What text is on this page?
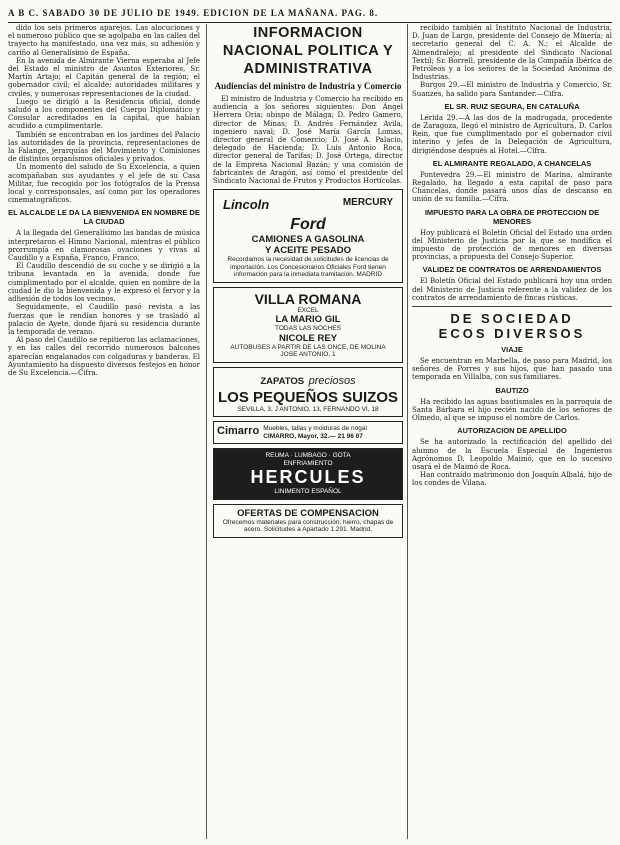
A B C. SABADO 30 DE JULIO DE 1949. EDICION DE LA MAÑANA. PAG. 8.

dido los seis primeros aparejos. Las alocuciones y el numeroso público que se agolpaba en las calles del trayecto ha manifestado, una vez más, su adhesión y cariño al Generalísimo de España.

En la avenida de Almirante Vierna esperaba al Jefe del Estado el ministro de Asuntos Exteriores, Sr. Martín Artajo; el Capitán general de la región; el gobernador civil; el alcalde; autoridades militares y civiles, y numerosas representaciones de la ciudad.

Luego se dirigió a la Residencia oficial, donde saludó a los componentes del Cuerpo Diplomático y Consular acreditados en la capital, que habían acudido a cumplimentarle.

También se encontraban en los jardines del Palacio las autoridades de la provincia, representaciones de la Falange, jerarquías del Movimiento y Comisiones de distintos organismos oficiales y privados.

Un momento del saludo de Su Excelencia, a quien acompañaban sus ayudantes y el jefe de su Casa Militar, fue recogido por los fotógrafos de la Prensa local y corresponsales, así como por los operadores cinematográficos.

EL ALCALDE LE DA LA BIENVENIDA EN NOMBRE DE LA CIUDAD

A la llegada del Generalísimo las bandas de música interpretaron el Himno Nacional, mientras el público prorrumpía en clamorosas ovaciones y vivas al Caudillo y a España, Franco, Franco.

El Caudillo descendió de su coche y se dirigió a la tribuna levantada en la avenida, donde fue cumplimentado por el alcalde, quien en nombre de la ciudad le dio la bienvenida y le expresó el fervor y la adhesión de todos los vecinos.

Seguidamente, el Caudillo pasó revista a las fuerzas que le rendían honores y se trasladó al palacio de Ayete, donde fijará su residencia durante la temporada de verano.

Al paso del Caudillo se repitieron las aclamaciones, y en las calles del recorrido numerosos balcones aparecían engalanados con colgaduras y banderas. El Ayuntamiento ha dispuesto diversos festejos en honor de Su Excelencia.—Cifra.

INFORMACION NACIONAL POLITICA Y ADMINISTRATIVA
Audiencias del ministro de Industria y Comercio

El ministro de Industria y Comercio ha recibido en audiencia a los señores siguientes: Don Ángel Herrera Oria; obispo de Málaga; D. Pedro Gamero, director de Minas; D. Andrés Fernández Avila, ingeniero naval; D. José María García Lomas, director general de Comercio; D. José A. Palacio, delegado de Hacienda; D. Luis Antonio Roca, director general de Tarifas; D. José Ortega, director de la Empresa Nacional Bazán; y una comisión de fabricantes de Aragón, así como el presidente del Sindicato Nacional de Frutos y Productos Hortícolas.

Lincoln	MERCURY
Ford
CAMIONES A GASOLINA
Y ACEITE PESADO
Recordamos la necesidad de solicitudes de licencias de importación. Los Concesionarios Oficiales Ford tienen información para la inmediata tramitación. MADRID
VILLA ROMANA
EXCEL
LA MARIO GIL
TODAS LAS NOCHES
NICOLE REY
AUTOBUSES A PARTIR DE LAS ONCE, DE MOLINA
JOSE ANTONIO, 1
ZAPATOS preciosos
LOS PEQUEÑOS SUIZOS
SEVILLA, 3, J ANTONIO, 13, FERNANDO VI, 18
Cimarro Muebles, tallas y molduras de nogal
CIMARRO, Mayor, 32.— 21 96 07
REUMA · LUMBAGO · GOTA
ENFRIAMIENTO
HERCULES
LINIMENTO ESPAÑOL
OFERTAS DE COMPENSACION
Ofrecemos materiales para construcción, hierro, chapas de acero. Solicitudes a Apartado 1.291. Madrid.

recibido también al Instituto Nacional de Industria, D. Juan de Largo, presidente del Consejo de Minería; al secretario general del C. A. N.; el Alcalde de Almendralejo; al presidente del Sindicato Nacional Textil; Sr. Borrell, presidente de la Compañía Ibérica de Petróleos y a los señores de la Sociedad Anónima de Industrias.

Burgos 29.—El ministro de Industria y Comercio, Sr. Suanzes, ha salido para Santander.—Cifra.

EL SR. RUIZ SEGURA, EN CATALUÑA

Lérida 29.—A las dos de la madrugada, procedente de Zaragoza, llegó el ministro de Agricultura, D. Carlos Rein, que fue cumplimentado por el gobernador civil interino y jefes de la Delegación de Agricultura, dirigiéndose después al Hotel.—Cifra.

EL ALMIRANTE REGALADO, A CHANCELAS

Pontevedra 29.—El ministro de Marina, almirante Regalado, ha llegado a esta capital de paso para Chancelas, donde pasará unos días de descanso en unión de su familia.—Cifra.

IMPUESTO PARA LA OBRA DE PROTECCION DE MENORES

Hoy publicará el Boletín Oficial del Estado una orden del Ministerio de Justicia por la que se modifica el impuesto de protección de menores en diversas provincias, a propuesta del Consejo Superior.

VALIDEZ DE CONTRATOS DE ARRENDAMIENTOS

El Boletín Oficial del Estado publicará hoy una orden del Ministerio de Justicia referente a la validez de los contratos de arrendamiento de fincas rústicas.

DE SOCIEDAD
ECOS DIVERSOS
VIAJE

Se encuentran en Marbella, de paso para Madrid, los señores de Porres y sus hijos, que han pasado una temporada en Villalba, con sus familiares.

BAUTIZO

Ha recibido las aguas bautismales en la parroquia de Santa Bárbara el hijo recién nacido de los señores de Olmedo, al que se impuso el nombre de Carlos.

AUTORIZACION DE APELLIDO

Se ha autorizado la rectificación del apellido del alumno de la Escuela Especial de Ingenieros Agrónomos D. Leopoldo Maimó, que en lo sucesivo usará el de Maimó de Roca.

Han contraído matrimonio don Joaquín Albalá, hijo de los condes de Vilana.
